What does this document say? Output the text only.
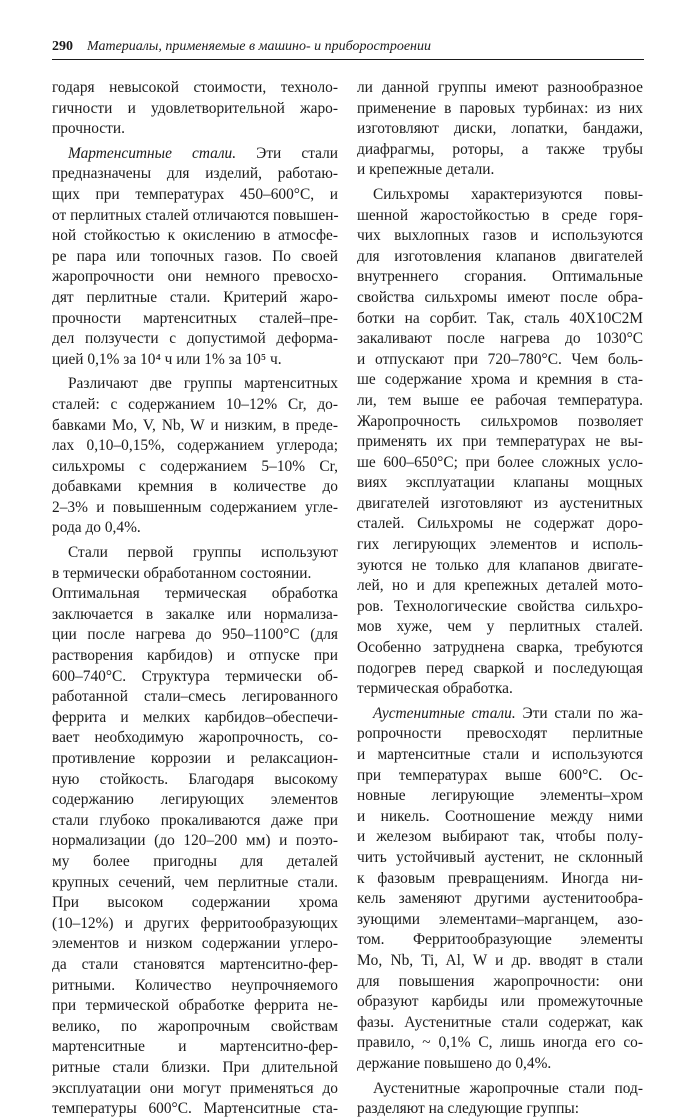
290 Материалы, применяемые в машино- и приборостроении
годаря невысокой стоимости, техноло-
гичности и удовлетворительной жаро-
прочности.
Мартенситные стали. Эти стали
предназначены для изделий, работаю-
щих при температурах 450–600°С, и
от перлитных сталей отличаются повышен-
ной стойкостью к окислению в атмосфе-
ре пара или топочных газов. По своей
жаропрочности они немного превосхо-
дят перлитные стали. Критерий жаро-
прочности мартенситных сталей–пре-
дел ползучести с допустимой деформа-
цией 0,1% за 10⁴ ч или 1% за 10⁵ ч.
Различают две группы мартенситных
сталей: с содержанием 10–12% Cr, до-
бавками Mo, V, Nb, W и низким, в преде-
лах 0,10–0,15%, содержанием углерода;
сильхромы с содержанием 5–10% Cr,
добавками кремния в количестве до
2–3% и повышенным содержанием угле-
рода до 0,4%.
Стали первой группы используют
в термически обработанном состоянии.
Оптимальная термическая обработка
заключается в закалке или нормализа-
ции после нагрева до 950–1100°С (для
растворения карбидов) и отпуске при
600–740°С. Структура термически об-
работанной стали–смесь легированного
феррита и мелких карбидов–обеспечи-
вает необходимую жаропрочность, со-
противление коррозии и релаксацион-
ную стойкость. Благодаря высокому
содержанию легирующих элементов
стали глубоко прокаливаются даже при
нормализации (до 120–200 мм) и поэто-
му более пригодны для деталей
крупных сечений, чем перлитные стали.
При высоком содержании хрома
(10–12%) и других ферритообразующих
элементов и низком содержании углеро-
да стали становятся мартенситно-фер-
ритными. Количество неупрочняемого
при термической обработке феррита не-
велико, по жаропрочным свойствам
мартенситные и мартенситно-фер-
ритные стали близки. При длительной
эксплуатации они могут применяться до
температуры 600°С. Мартенситные ста-
ли данной группы имеют разнообразное
применение в паровых турбинах: из них
изготовляют диски, лопатки, бандажи,
диафрагмы, роторы, а также трубы
и крепежные детали.
Сильхромы характеризуются повы-
шенной жаростойкостью в среде горя-
чих выхлопных газов и используются
для изготовления клапанов двигателей
внутреннего сгорания. Оптимальные
свойства сильхромы имеют после обра-
ботки на сорбит. Так, сталь 40Х10С2М
закаливают после нагрева до 1030°С
и отпускают при 720–780°С. Чем боль-
ше содержание хрома и кремния в ста-
ли, тем выше ее рабочая температура.
Жаропрочность сильхромов позволяет
применять их при температурах не вы-
ше 600–650°С; при более сложных усло-
виях эксплуатации клапаны мощных
двигателей изготовляют из аустенитных
сталей. Сильхромы не содержат доро-
гих легирующих элементов и исполь-
зуются не только для клапанов двигате-
лей, но и для крепежных деталей мото-
ров. Технологические свойства сильхро-
мов хуже, чем у перлитных сталей.
Особенно затруднена сварка, требуются
подогрев перед сваркой и последующая
термическая обработка.
Аустенитные стали. Эти стали по жа-
ропрочности превосходят перлитные
и мартенситные стали и используются
при температурах выше 600°С. Ос-
новные легирующие элементы–хром
и никель. Соотношение между ними
и железом выбирают так, чтобы полу-
чить устойчивый аустенит, не склонный
к фазовым превращениям. Иногда ни-
кель заменяют другими аустенитообра-
зующими элементами–марганцем, азо-
том. Ферритообразующие элементы
Mo, Nb, Ti, Al, W и др. вводят в стали
для повышения жаропрочности: они
образуют карбиды или промежуточные
фазы. Аустенитные стали содержат, как
правило, ~ 0,1% С, лишь иногда его со-
держание повышено до 0,4%.
Аустенитные жаропрочные стали под-
разделяют на следующие группы:
